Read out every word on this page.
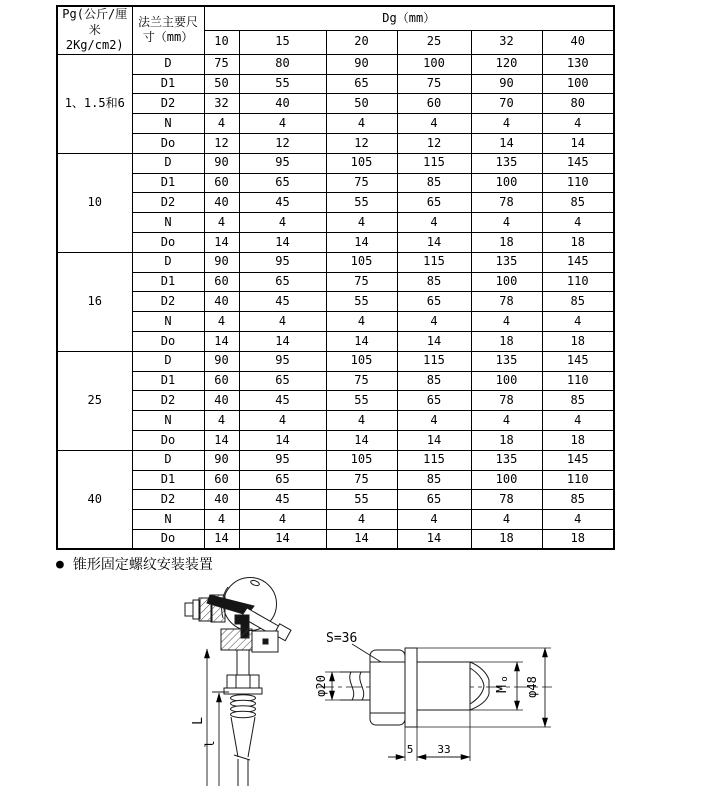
Pg(公斤/厘米2Kg/cm2)	法兰主要尺寸（mm）	Dg（mm）					
		10	15	20	25	32	40
1、1.5和6	D	75	80	90	100	120	130
	D1	50	55	65	75	90	100
	D2	32	40	50	60	70	80
	N	4	4	4	4	4	4
	Do	12	12	12	12	14	14
10	D	90	95	105	115	135	145
	D1	60	65	75	85	100	110
	D2	40	45	55	65	78	85
	N	4	4	4	4	4	4
	Do	14	14	14	14	18	18
16	D	90	95	105	115	135	145
	D1	60	65	75	85	100	110
	D2	40	45	55	65	78	85
	N	4	4	4	4	4	4
	Do	14	14	14	14	18	18
25	D	90	95	105	115	135	145
	D1	60	65	75	85	100	110
	D2	40	45	55	65	78	85
	N	4	4	4	4	4	4
	Do	14	14	14	14	18	18
40	D	90	95	105	115	135	145
	D1	60	65	75	85	100	110
	D2	40	45	55	65	78	85
	N	4	4	4	4	4	4
	Do	14	14	14	14	18	18
● 锥形固定螺纹安装装置
L
l
S=36
φ20	M
o φ48
5 33
